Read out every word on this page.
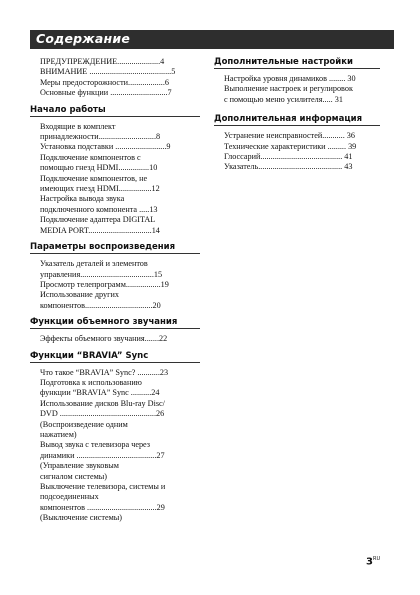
Содержание
ПРЕДУПРЕЖДЕНИЕ.....................4
ВНИМАНИЕ ........................................5
Меры предосторожности..................6
Основные функции ............................7
Начало работы
Входящие в комплект
принадлежности............................8
Установка подставки .........................9
Подключение компонентов с
помощью гнезд HDMI...............10
Подключение компонентов, не
имеющих гнезд HDMI................12
Настройка вывода звука
подключенного компонента .....13
Подключение адаптера DIGITAL
MEDIA PORT...............................14
Параметры воспроизведения
Указатель деталей и элементов
управления....................................15
Просмотр телепрограмм.................19
Использование других
компонентов.................................20
Функции объемного звучания
Эффекты объемного звучания.......22
Функции “BRAVIA” Sync
Что такое “BRAVIA” Sync? ...........23
Подготовка к использованию
функции “BRAVIA” Sync ..........24
Использование дисков Blu-ray Disc/
DVD ...............................................26
(Воспроизведение одним
нажатием)
Вывод звука с телевизора через
динамики .......................................27
(Управление звуковым
сигналом системы)
Выключение телевизора, системы и
подсоединенных
компонентов ..................................29
(Выключение системы)
Дополнительные настройки
Настройка уровня динамиков ........ 30
Выполнение настроек и регулировок
с помощью меню усилителя..... 31
Дополнительная информация
Устранение неисправностей........... 36
Технические характеристики ......... 39
Глоссарий........................................ 41
Указатель......................................... 43
$3^{RU}$
